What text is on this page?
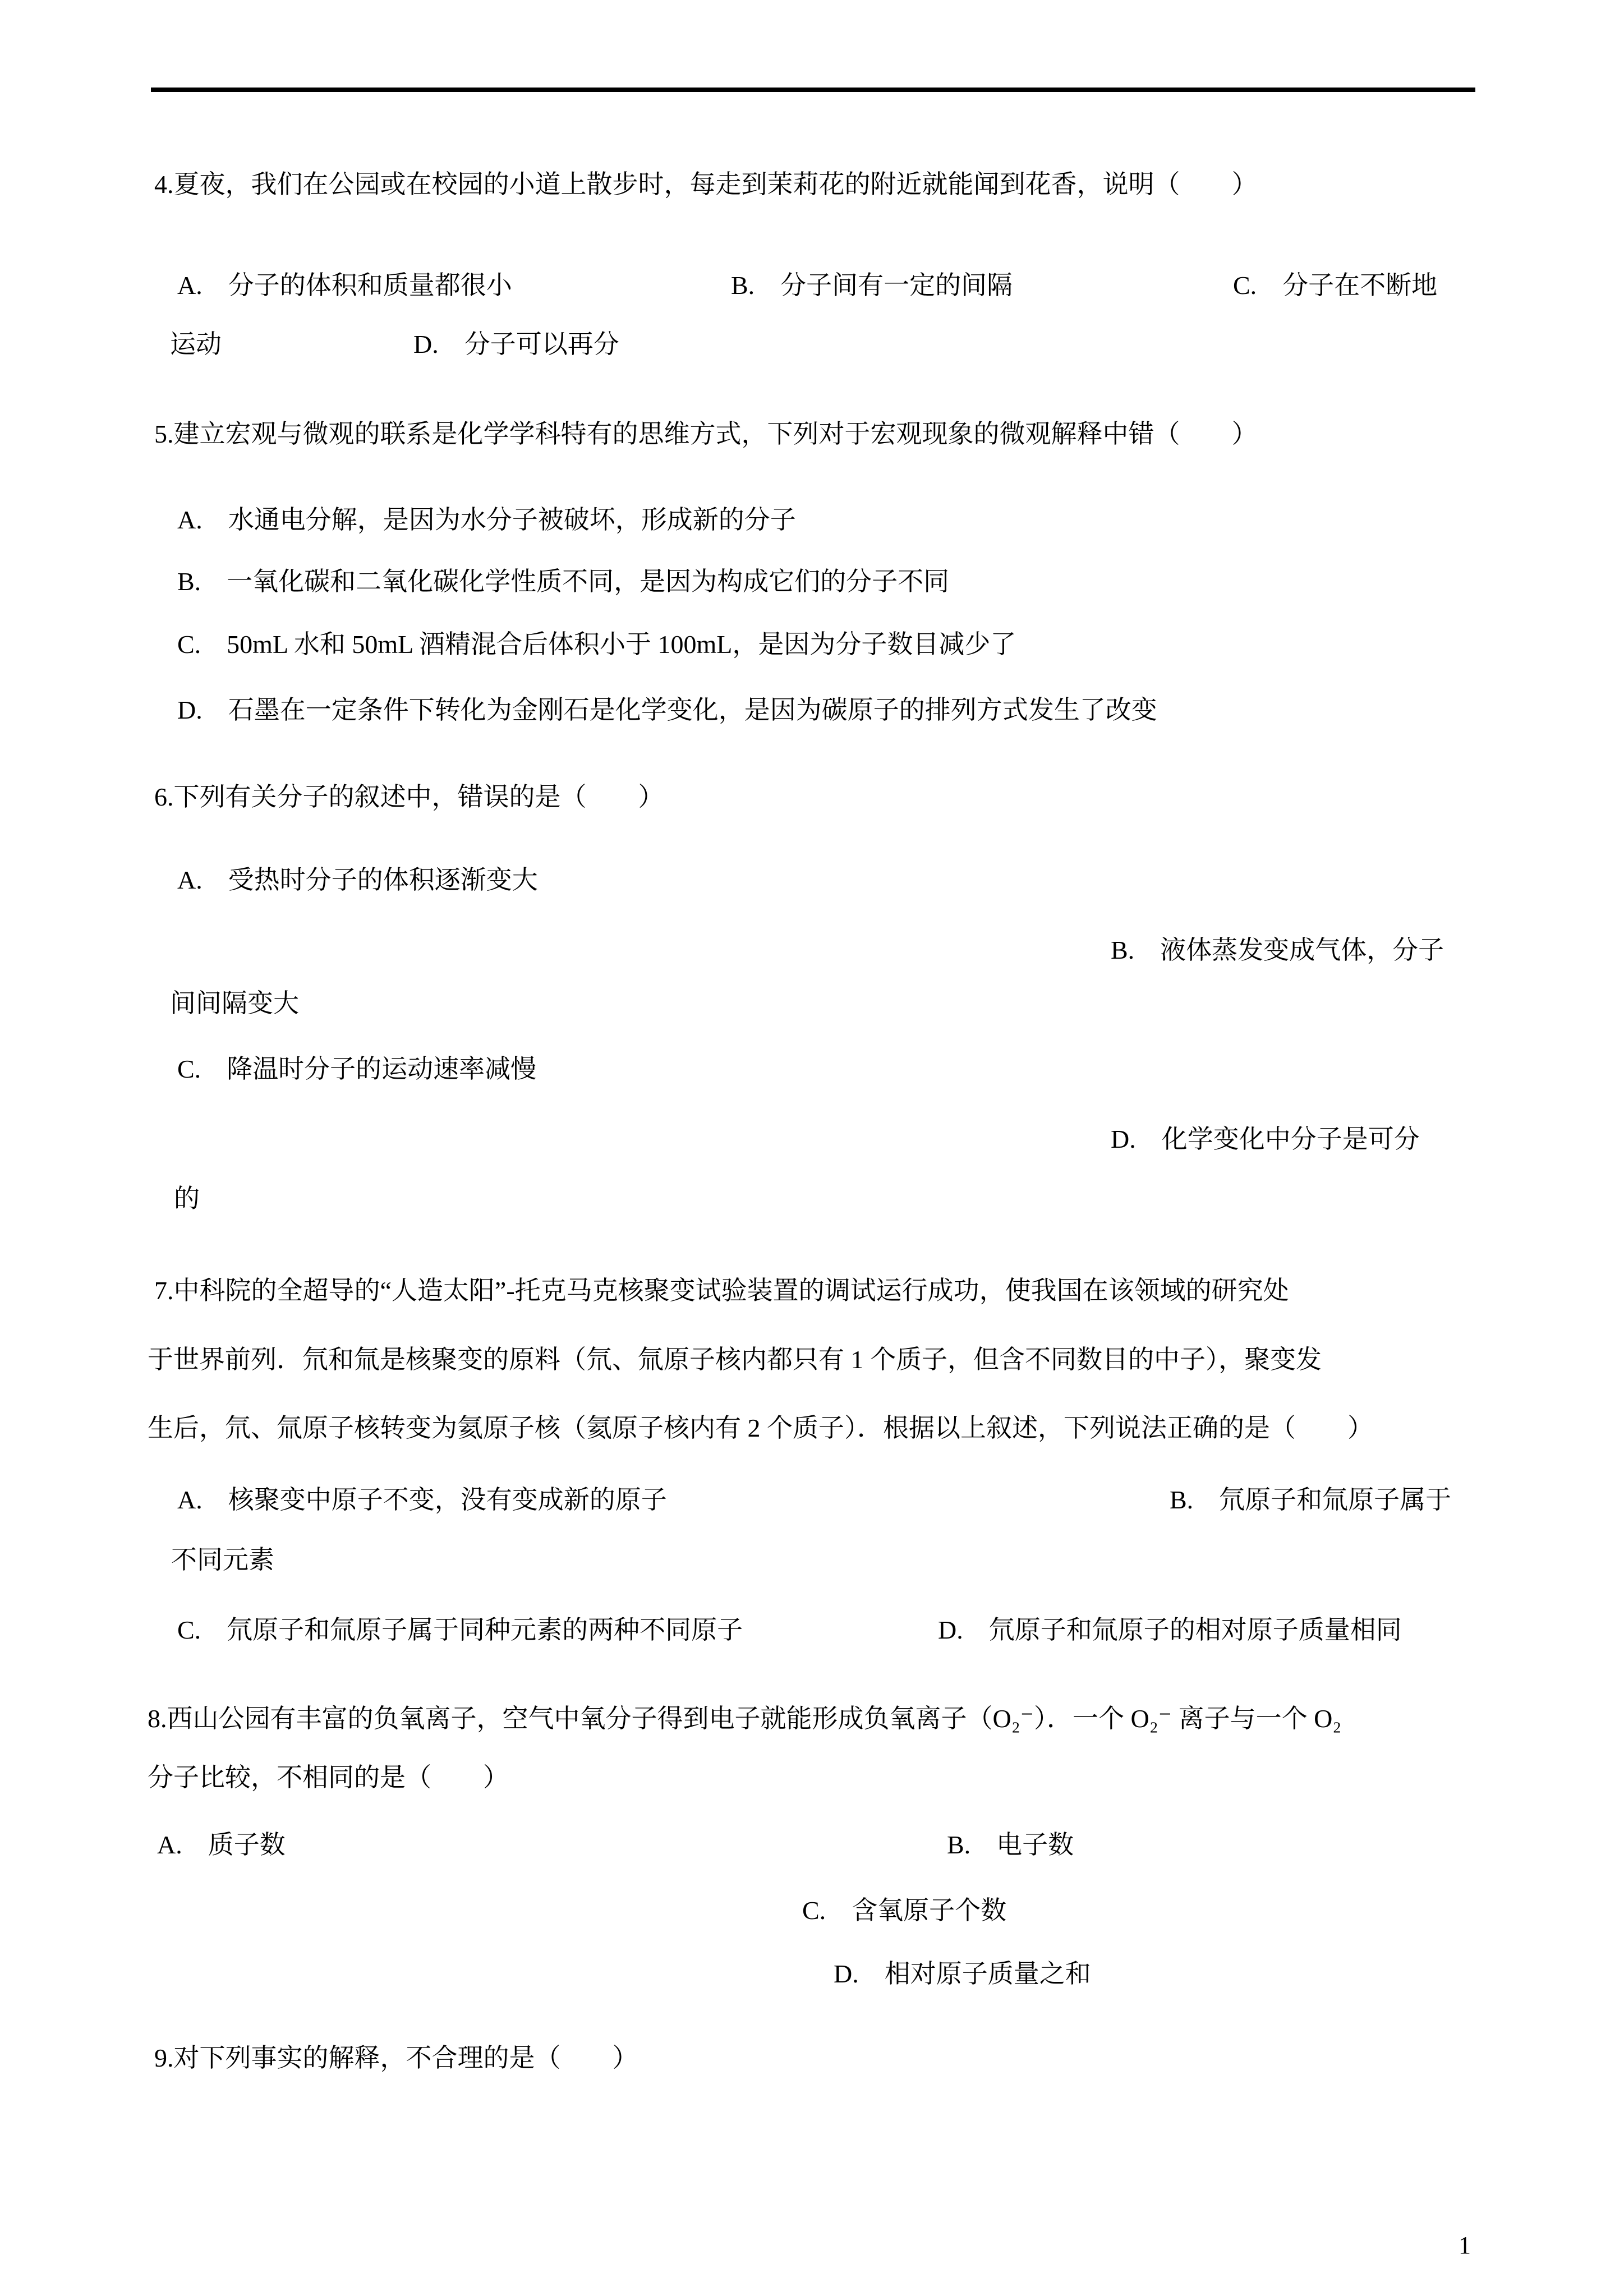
4.夏夜，我们在公园或在校园的小道上散步时，每走到茉莉花的附近就能闻到花香，说明（　　）
A.　分子的体积和质量都很小	B.　分子间有一定的间隔	C.　分子在不断地
运动	D.　分子可以再分
5.建立宏观与微观的联系是化学学科特有的思维方式，下列对于宏观现象的微观解释中错（　　）
A.　水通电分解，是因为水分子被破坏，形成新的分子
B.　一氧化碳和二氧化碳化学性质不同，是因为构成它们的分子不同
C.　50mL 水和 50mL 酒精混合后体积小于 100mL，是因为分子数目减少了
D.　石墨在一定条件下转化为金刚石是化学变化，是因为碳原子的排列方式发生了改变
6.下列有关分子的叙述中，错误的是（　　）
A.　受热时分子的体积逐渐变大
B.　液体蒸发变成气体，分子
间间隔变大
C.　降温时分子的运动速率减慢
D.　化学变化中分子是可分
的
7.中科院的全超导的“人造太阳”‐托克马克核聚变试验装置的调试运行成功，使我国在该领域的研究处
于世界前列．氘和氚是核聚变的原料（氘、氚原子核内都只有 1 个质子，但含不同数目的中子），聚变发
生后，氘、氚原子核转变为氦原子核（氦原子核内有 2 个质子）．根据以上叙述，下列说法正确的是（　　）
A.　核聚变中原子不变，没有变成新的原子	B.　氘原子和氚原子属于
不同元素
C.　氘原子和氚原子属于同种元素的两种不同原子	D.　氘原子和氚原子的相对原子质量相同
8.西山公园有丰富的负氧离子，空气中氧分子得到电子就能形成负氧离子（O₂⁻）．一个 O₂⁻ 离子与一个 O₂
分子比较，不相同的是（　　）
A.　质子数	B.　电子数
C.　含氧原子个数
D.　相对原子质量之和
9.对下列事实的解释，不合理的是（　　）
1
